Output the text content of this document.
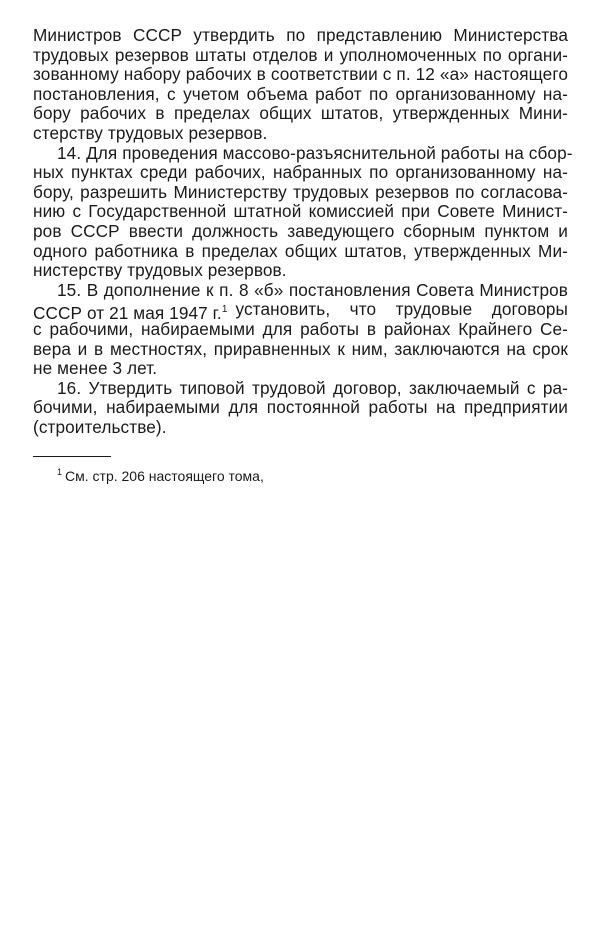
Министров СССР утвердить по представлению Министерства
трудовых резервов штаты отделов и уполномоченных по органи-
зованному набору рабочих в соответствии с п. 12 «а» настоящего
постановления, с учетом объема работ по организованному на-
бору рабочих в пределах общих штатов, утвержденных Мини-
стерству трудовых резервов.
14. Для проведения массово-разъяснительной работы на сбор-
ных пунктах среди рабочих, набранных по организованному на-
бору, разрешить Министерству трудовых резервов по согласова-
нию с Государственной штатной комиссией при Совете Минист-
ров СССР ввести должность заведующего сборным пунктом и
одного работника в пределах общих штатов, утвержденных Ми-
нистерству трудовых резервов.
15. В дополнение к п. 8 «б» постановления Совета Министров
СССР от 21 мая 1947 г.$^1$ установить, что трудовые договоры
с рабочими, набираемыми для работы в районах Крайнего Се-
вера и в местностях, приравненных к ним, заключаются на срок
не менее 3 лет.
16. Утвердить типовой трудовой договор, заключаемый с ра-
бочими, набираемыми для постоянной работы на предприятии
(строительстве).
$^1$ См. стр. 206 настоящего тома,
